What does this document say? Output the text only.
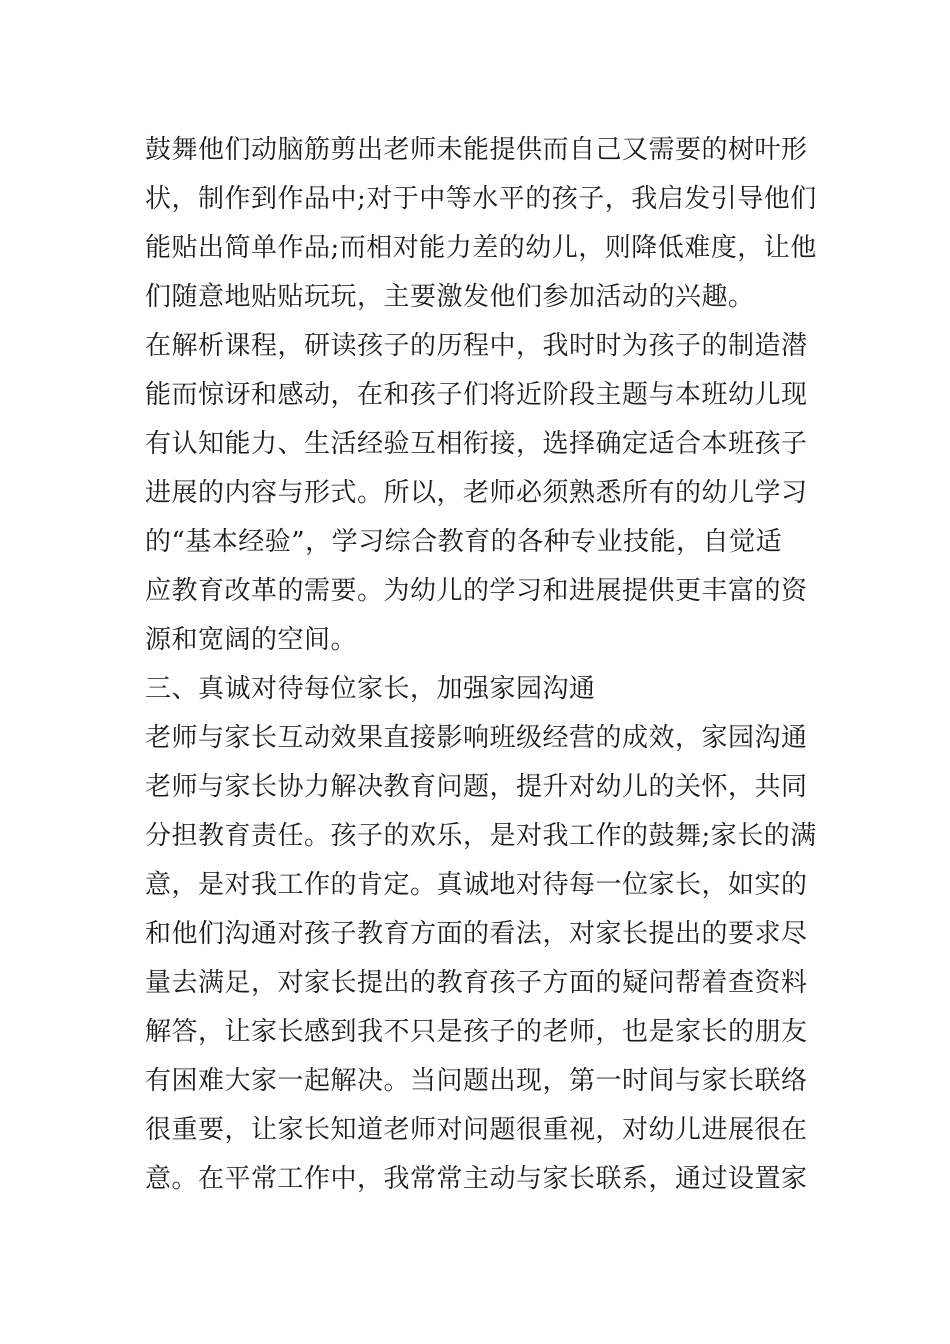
鼓舞他们动脑筋剪出老师未能提供而自己又需要的树叶形
状，制作到作品中;对于中等水平的孩子，我启发引导他们
能贴出简单作品;而相对能力差的幼儿，则降低难度，让他
们随意地贴贴玩玩，主要激发他们参加活动的兴趣。
在解析课程，研读孩子的历程中，我时时为孩子的制造潜
能而惊讶和感动，在和孩子们将近阶段主题与本班幼儿现
有认知能力、生活经验互相衔接，选择确定适合本班孩子
进展的内容与形式。所以，老师必须熟悉所有的幼儿学习
的“基本经验”，学习综合教育的各种专业技能，自觉适
应教育改革的需要。为幼儿的学习和进展提供更丰富的资
源和宽阔的空间。
三、真诚对待每位家长，加强家园沟通
老师与家长互动效果直接影响班级经营的成效，家园沟通
老师与家长协力解决教育问题，提升对幼儿的关怀，共同
分担教育责任。孩子的欢乐，是对我工作的鼓舞;家长的满
意，是对我工作的肯定。真诚地对待每一位家长，如实的
和他们沟通对孩子教育方面的看法，对家长提出的要求尽
量去满足，对家长提出的教育孩子方面的疑问帮着查资料
解答，让家长感到我不只是孩子的老师，也是家长的朋友
有困难大家一起解决。当问题出现，第一时间与家长联络
很重要，让家长知道老师对问题很重视，对幼儿进展很在
意。在平常工作中，我常常主动与家长联系，通过设置家
